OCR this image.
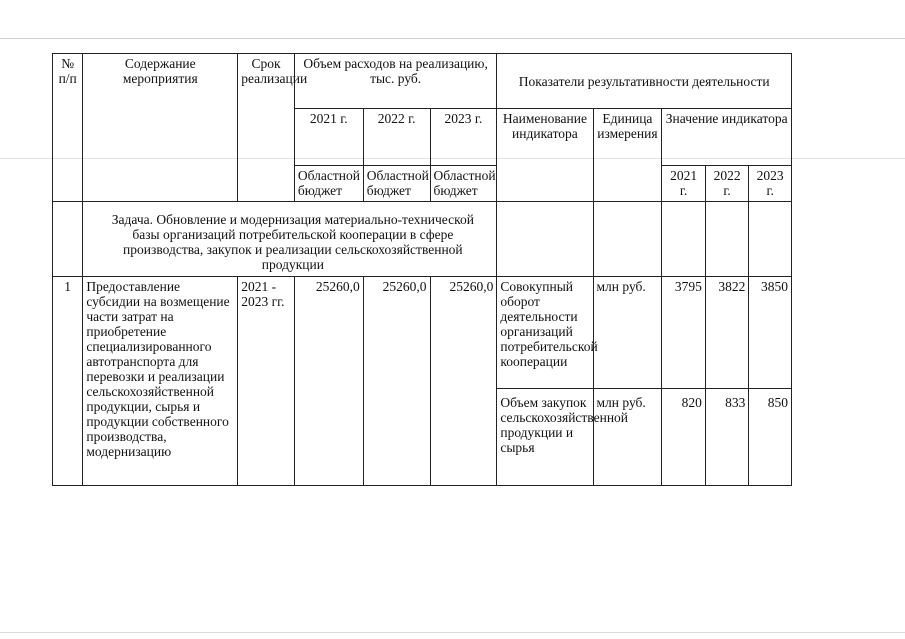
№ п/п	Содержание мероприятия	Срок реализации	Объем расходов на реализацию, тыс. руб.			Показатели результативности деятельности				
			2021 г.	2022 г.	2023 г.	Наименование индикатора	Единица измерения	Значение индикатора		
			Областной бюджет	Областной бюджет	Областной бюджет			2021 г.	2022 г.	2023 г.
	Задача. Обновление и модернизация материально-технической базы организаций потребительской кооперации в сфере производства, закупок и реализации сельскохозяйственной продукции									
1	Предоставление субсидии на возмещение части затрат на приобретение специализированного автотранспорта для перевозки и реализации сельскохозяйственной продукции, сырья и продукции собственного производства, модернизацию	2021 - 2023 гг.	25260,0	25260,0	25260,0	Совокупный оборот деятельности организаций потребительской кооперации	млн руб.	3795	3822	3850
						Объем закупок сельскохозяйственной продукции и сырья	млн руб.	820	833	850
